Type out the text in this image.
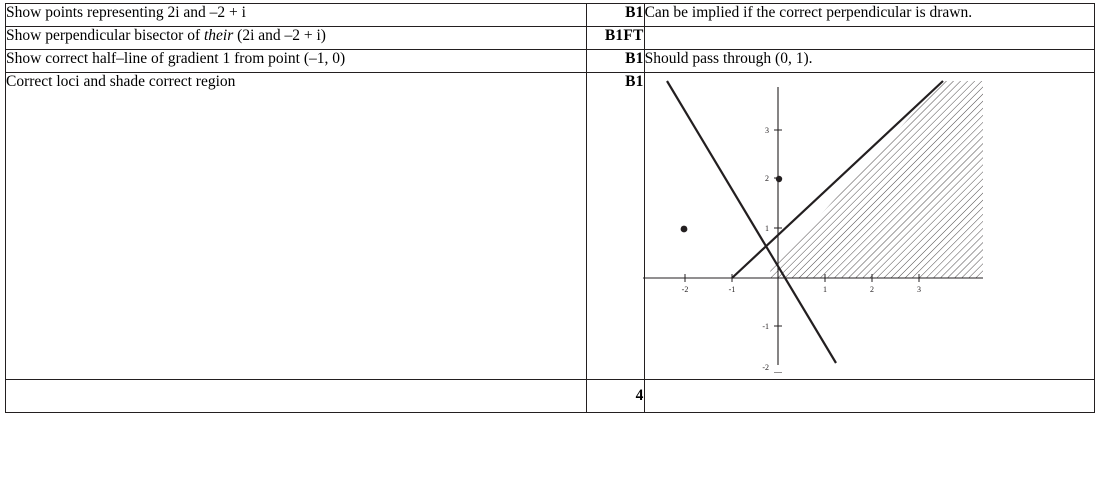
Show points representing 2i and –2 + i	B1	Can be implied if the correct perpendicular is drawn.
Show perpendicular bisector of their (2i and –2 + i)	B1FT	
Show correct half–line of gradient 1 from point (–1, 0)	B1	Should pass through (0, 1).
Correct loci and shade correct region	B1	
-2	-1	1	2	3
3
2
1
-1
-2

	4	
